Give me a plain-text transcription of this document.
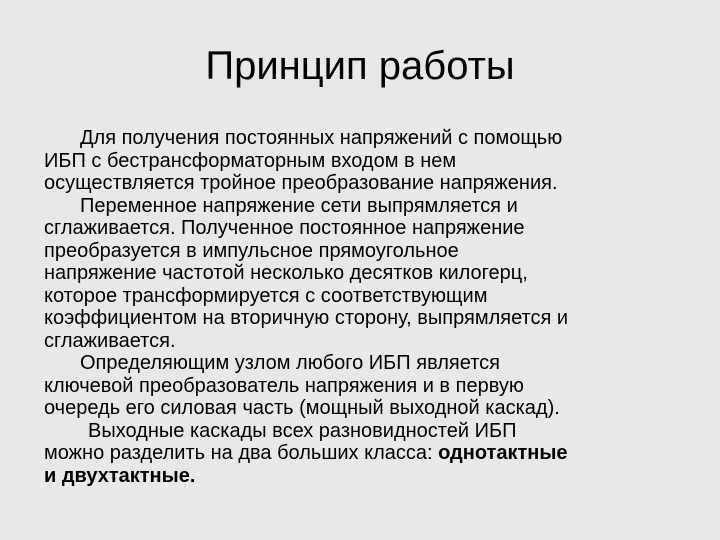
Принцип работы
Для получения постоянных напряжений с помощью
ИБП с бестрансформаторным входом в нем
осуществляется тройное преобразование напряжения.
Переменное напряжение сети выпрямляется и
сглаживается. Полученное постоянное напряжение
преобразуется в импульсное прямоугольное
напряжение частотой несколько десятков килогерц,
которое трансформируется с соответствующим
коэффициентом на вторичную сторону, выпрямляется и
сглаживается.
Определяющим узлом любого ИБП является
ключевой преобразователь напряжения и в первую
очередь его силовая часть (мощный выходной каскад).
Выходные каскады всех разновидностей ИБП
можно разделить на два больших класса: однотактные
и двухтактные.
